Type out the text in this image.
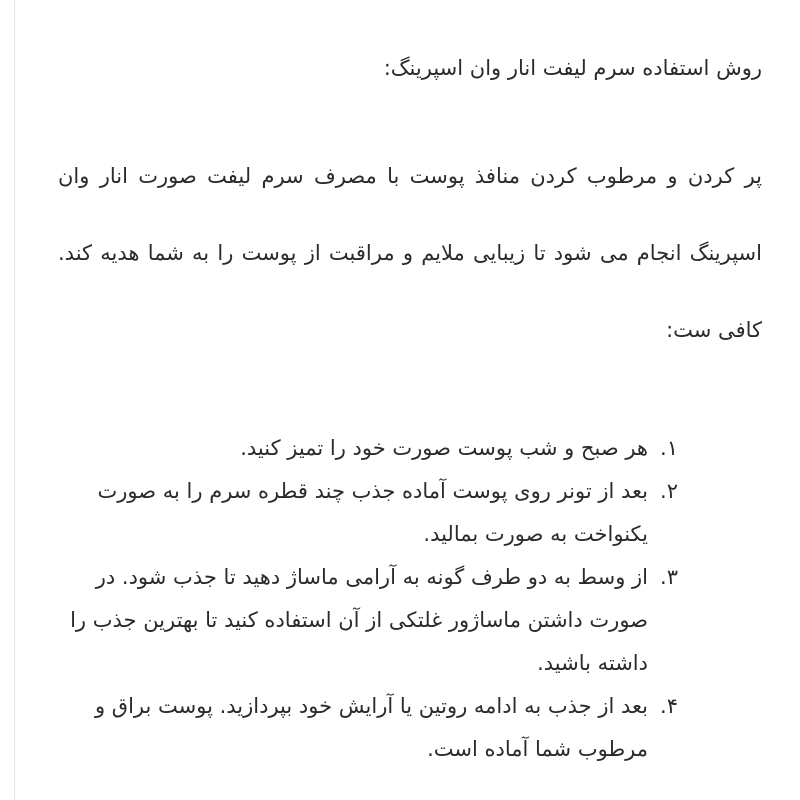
روش استفاده سرم لیفت انار وان اسپرینگ:

پر کردن و مرطوب کردن منافذ پوست با مصرف سرم لیفت صورت انار وان اسپرینگ انجام می شود تا زیبایی ملایم و مراقبت از پوست را به شما هدیه کند. کافی ست:

۱.
هر صبح و شب پوست صورت خود را تمیز کنید.
۲.
بعد از تونر روی پوست آماده جذب چند قطره سرم را به صورت یکنواخت به صورت بمالید.
۳.
از وسط به دو طرف گونه به آرامی ماساژ دهید تا جذب شود. در صورت داشتن ماساژور غلتکی از آن استفاده کنید تا بهترین جذب را داشته باشید.
۴.
بعد از جذب به ادامه روتین یا آرایش خود بپردازید. پوست براق و مرطوب شما آماده است.
